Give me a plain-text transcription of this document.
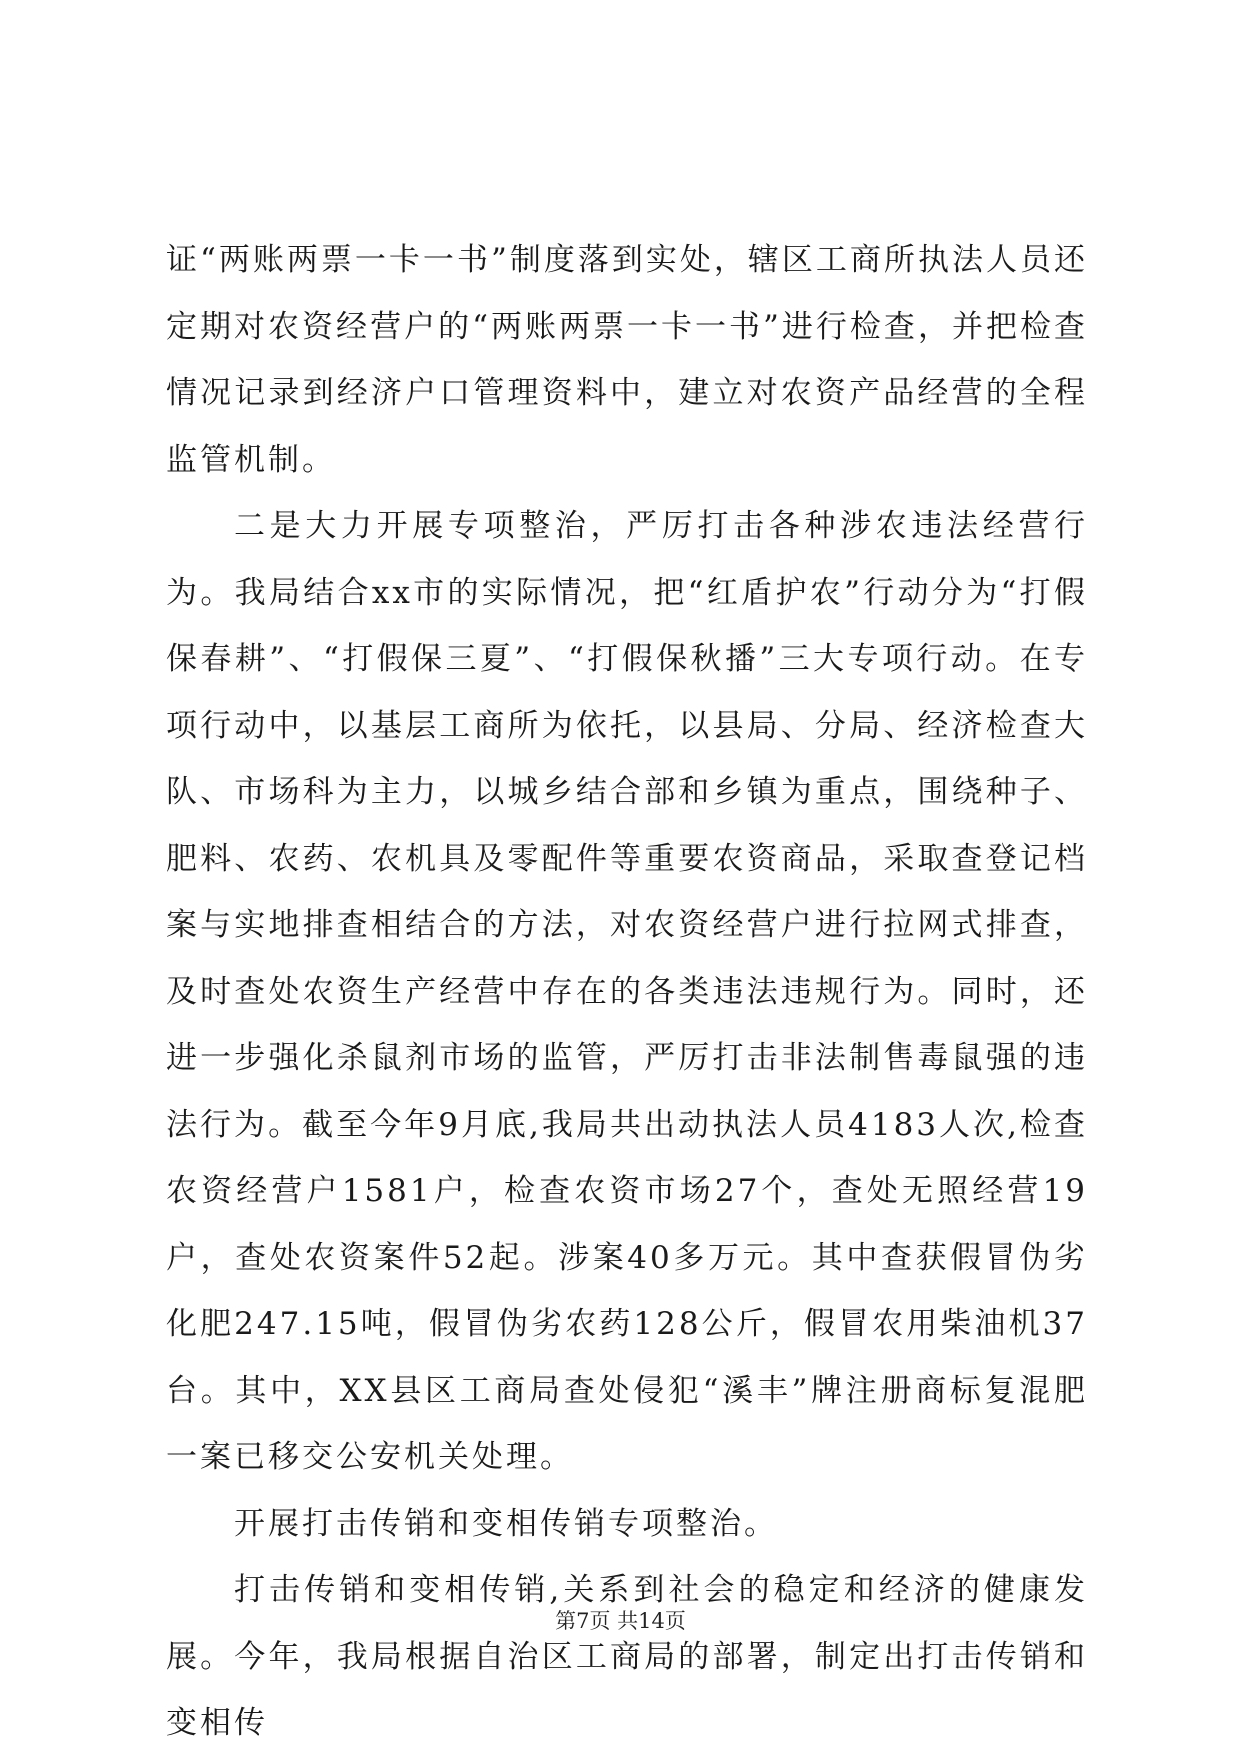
证“两账两票一卡一书”制度落到实处，辖区工商所执法人员还定期对农资经营户的“两账两票一卡一书”进行检查，并把检查情况记录到经济户口管理资料中，建立对农资产品经营的全程监管机制。

二是大力开展专项整治，严厉打击各种涉农违法经营行为。我局结合xx市的实际情况，把“红盾护农”行动分为“打假保春耕”、“打假保三夏”、“打假保秋播”三大专项行动。在专项行动中，以基层工商所为依托，以县局、分局、经济检查大队、市场科为主力，以城乡结合部和乡镇为重点，围绕种子、肥料、农药、农机具及零配件等重要农资商品，采取查登记档案与实地排查相结合的方法，对农资经营户进行拉网式排查，及时查处农资生产经营中存在的各类违法违规行为。同时，还进一步强化杀鼠剂市场的监管，严厉打击非法制售毒鼠强的违法行为。截至今年9月底,我局共出动执法人员4183人次,检查农资经营户1581户，检查农资市场27个，查处无照经营19户，查处农资案件52起。涉案40多万元。其中查获假冒伪劣化肥247.15吨，假冒伪劣农药128公斤，假冒农用柴油机37台。其中，XX县区工商局查处侵犯“溪丰”牌注册商标复混肥一案已移交公安机关处理。

开展打击传销和变相传销专项整治。

打击传销和变相传销,关系到社会的稳定和经济的健康发展。今年，我局根据自治区工商局的部署，制定出打击传销和变相传

第7页 共14页
